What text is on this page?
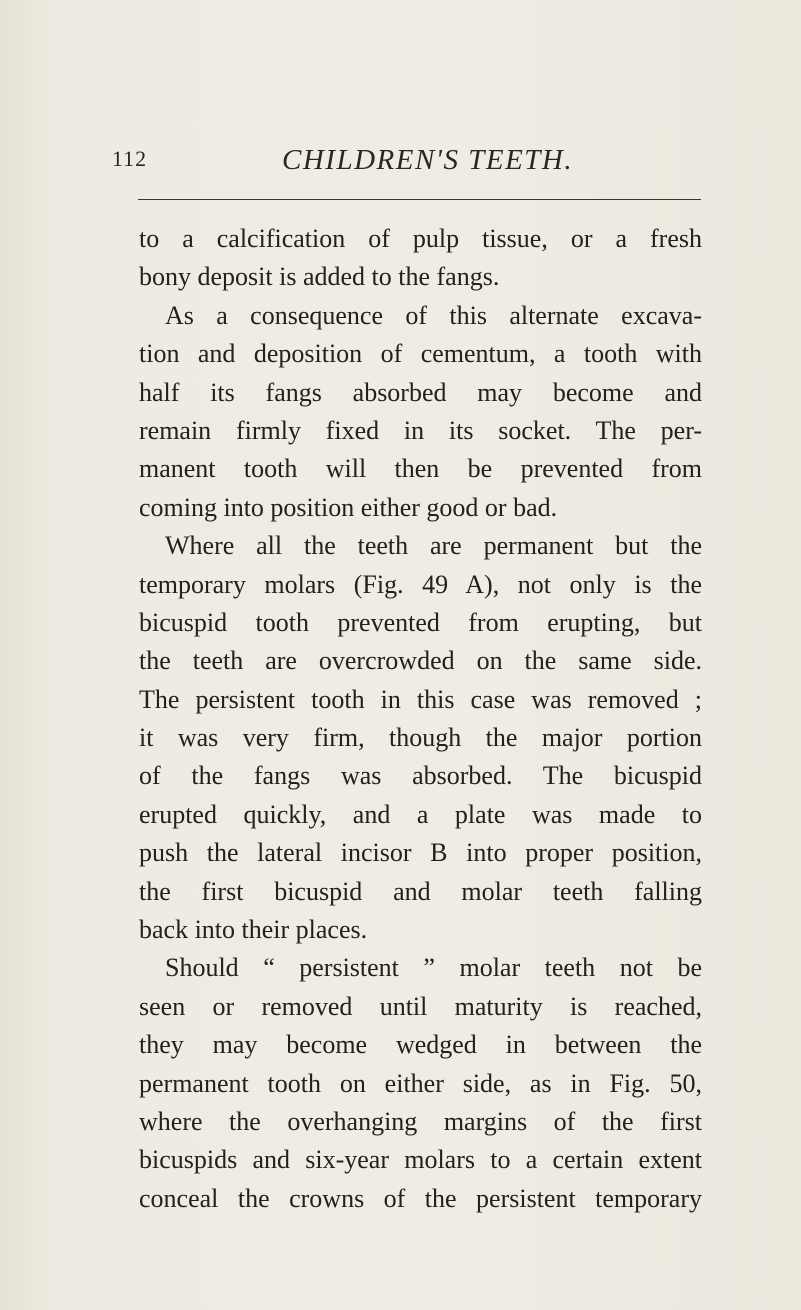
112	CHILDREN'S TEETH.
to a calcification of pulp tissue, or a fresh
bony deposit is added to the fangs.
As a consequence of this alternate excava-
tion and deposition of cementum, a tooth with
half its fangs absorbed may become and
remain firmly fixed in its socket. The per-
manent tooth will then be prevented from
coming into position either good or bad.
Where all the teeth are permanent but the
temporary molars (Fig. 49 A), not only is the
bicuspid tooth prevented from erupting, but
the teeth are overcrowded on the same side.
The persistent tooth in this case was removed ;
it was very firm, though the major portion
of the fangs was absorbed. The bicuspid
erupted quickly, and a plate was made to
push the lateral incisor B into proper position,
the first bicuspid and molar teeth falling
back into their places.
Should “ persistent ” molar teeth not be
seen or removed until maturity is reached,
they may become wedged in between the
permanent tooth on either side, as in Fig. 50,
where the overhanging margins of the first
bicuspids and six-year molars to a certain extent
conceal the crowns of the persistent temporary
